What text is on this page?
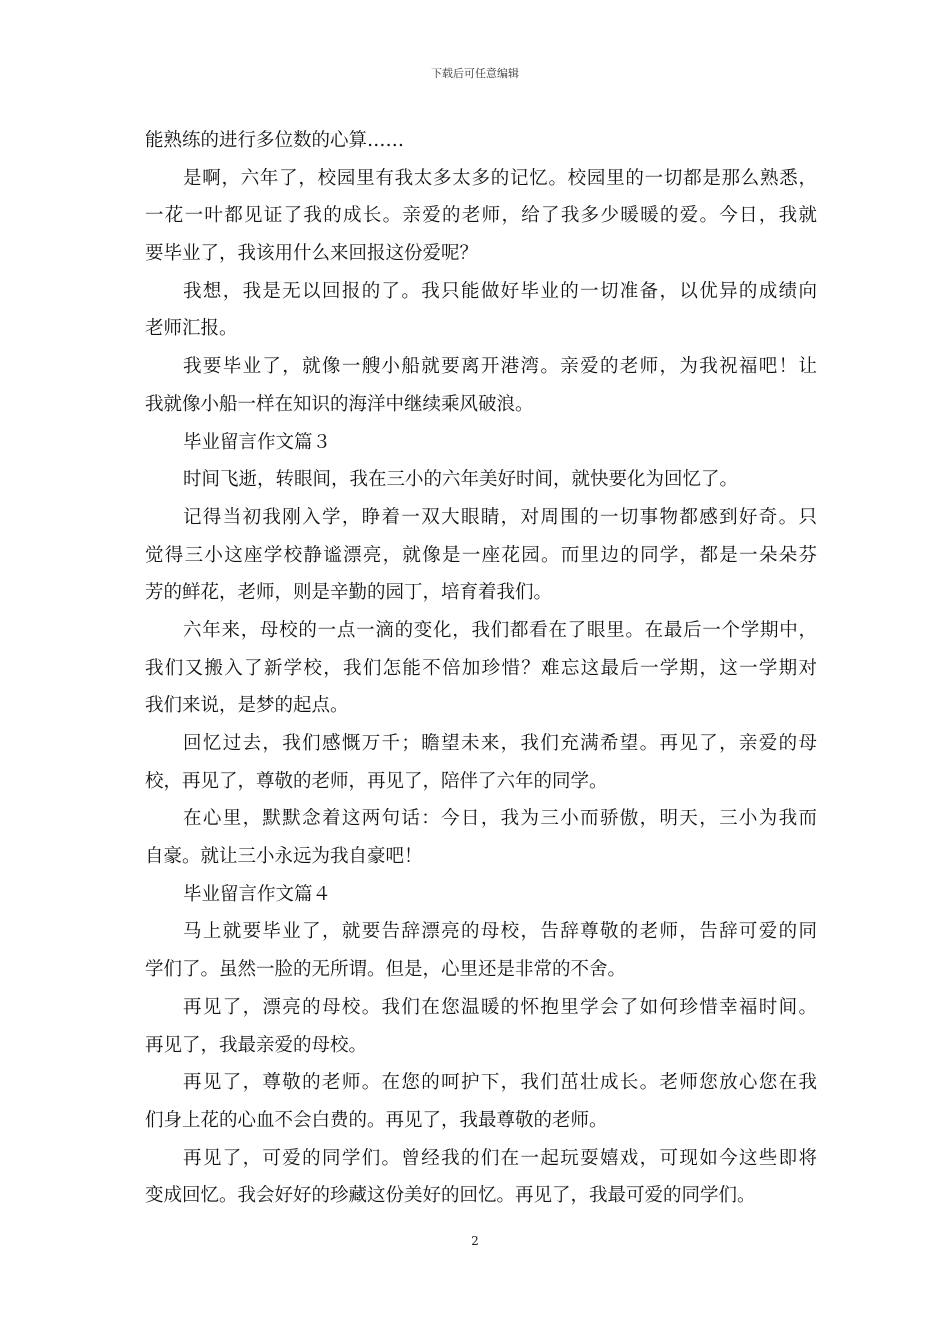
下载后可任意编辑
能熟练的进行多位数的心算……
是啊，六年了，校园里有我太多太多的记忆。校园里的一切都是那么熟悉，
一花一叶都见证了我的成长。亲爱的老师，给了我多少暖暖的爱。今日，我就
要毕业了，我该用什么来回报这份爱呢？
我想，我是无以回报的了。我只能做好毕业的一切准备，以优异的成绩向
老师汇报。
我要毕业了，就像一艘小船就要离开港湾。亲爱的老师，为我祝福吧！让
我就像小船一样在知识的海洋中继续乘风破浪。
毕业留言作文篇３
时间飞逝，转眼间，我在三小的六年美好时间，就快要化为回忆了。
记得当初我刚入学，睁着一双大眼睛，对周围的一切事物都感到好奇。只
觉得三小这座学校静谧漂亮，就像是一座花园。而里边的同学，都是一朵朵芬
芳的鲜花，老师，则是辛勤的园丁，培育着我们。
六年来，母校的一点一滴的变化，我们都看在了眼里。在最后一个学期中，
我们又搬入了新学校，我们怎能不倍加珍惜？难忘这最后一学期，这一学期对
我们来说，是梦的起点。
回忆过去，我们感慨万千；瞻望未来，我们充满希望。再见了，亲爱的母
校，再见了，尊敬的老师，再见了，陪伴了六年的同学。
在心里，默默念着这两句话：今日，我为三小而骄傲，明天，三小为我而
自豪。就让三小永远为我自豪吧！
毕业留言作文篇４
马上就要毕业了，就要告辞漂亮的母校，告辞尊敬的老师，告辞可爱的同
学们了。虽然一脸的无所谓。但是，心里还是非常的不舍。
再见了，漂亮的母校。我们在您温暖的怀抱里学会了如何珍惜幸福时间。
再见了，我最亲爱的母校。
再见了，尊敬的老师。在您的呵护下，我们茁壮成长。老师您放心您在我
们身上花的心血不会白费的。再见了，我最尊敬的老师。
再见了，可爱的同学们。曾经我的们在一起玩耍嬉戏，可现如今这些即将
变成回忆。我会好好的珍藏这份美好的回忆。再见了，我最可爱的同学们。
2
